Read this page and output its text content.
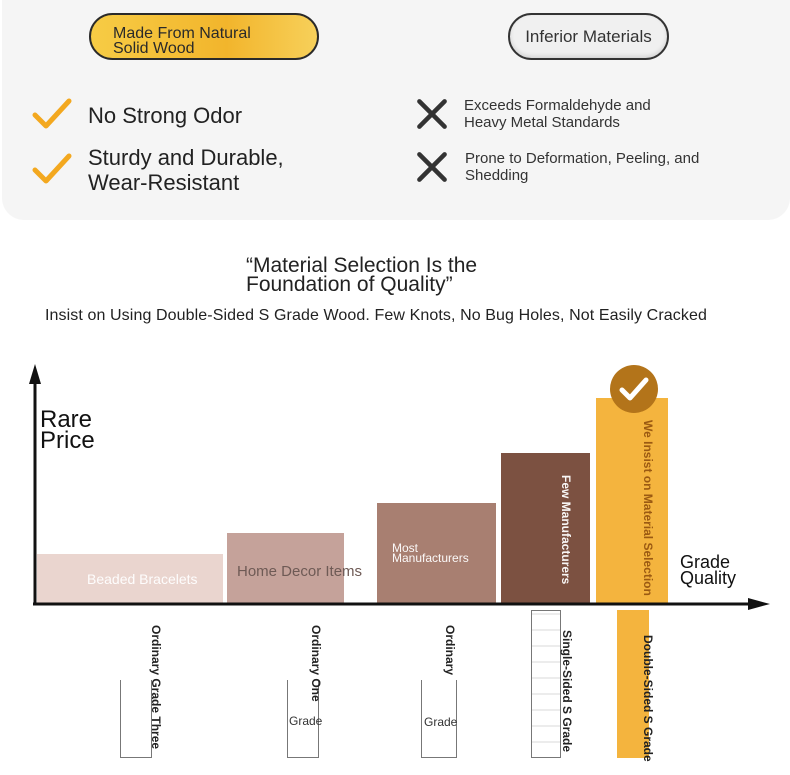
Made From Natural
Solid Wood
Inferior Materials
No Strong Odor
Sturdy and Durable,
Wear-Resistant
Exceeds Formaldehyde and
Heavy Metal Standards
Prone to Deformation, Peeling, and
Shedding
“Material Selection Is the
Foundation of Quality”
Insist on Using Double-Sided S Grade Wood. Few Knots, No Bug Holes, Not Easily Cracked
Beaded Bracelets	Home Decor Items
Most Manufacturers	Few Manufacturers	We Insist on Material Selection
Ordinary Grade Three	Ordinary One
Grade
Ordinary
Grade	Single-Sided S Grade	Double-Sided S Grade
Rare
Price
Grade
Quality
